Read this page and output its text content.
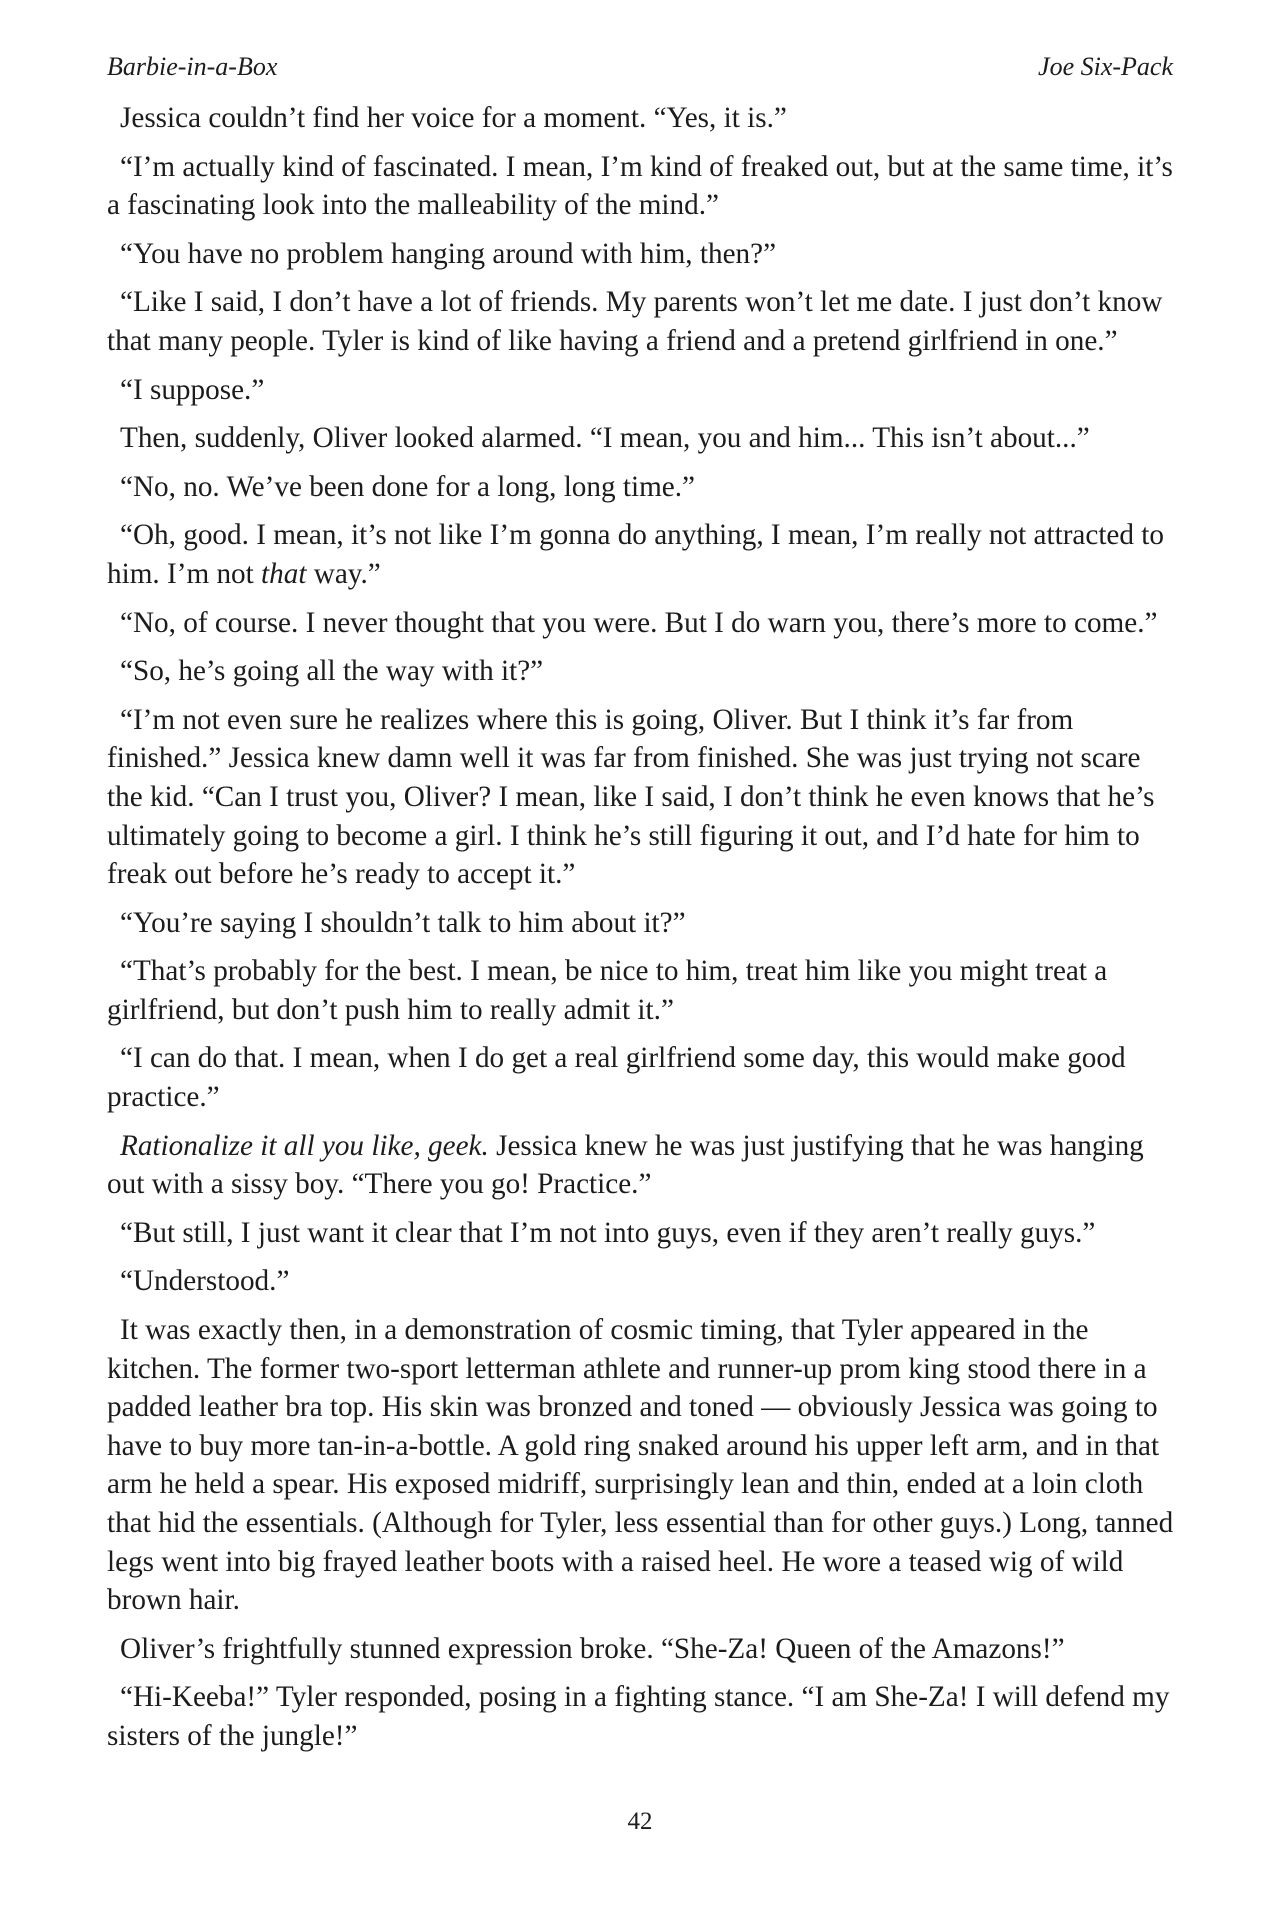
Barbie-in-a-Box	Joe Six-Pack

Jessica couldn’t find her voice for a moment. “Yes, it is.”

“I’m actually kind of fascinated. I mean, I’m kind of freaked out, but at the same time, it’s a fascinating look into the malleability of the mind.”

“You have no problem hanging around with him, then?”

“Like I said, I don’t have a lot of friends. My parents won’t let me date. I just don’t know that many people. Tyler is kind of like having a friend and a pretend girlfriend in one.”

“I suppose.”

Then, suddenly, Oliver looked alarmed. “I mean, you and him... This isn’t about...”

“No, no. We’ve been done for a long, long time.”

“Oh, good. I mean, it’s not like I’m gonna do anything, I mean, I’m really not attracted to him. I’m not that way.”

“No, of course. I never thought that you were. But I do warn you, there’s more to come.”

“So, he’s going all the way with it?”

“I’m not even sure he realizes where this is going, Oliver. But I think it’s far from finished.” Jessica knew damn well it was far from finished. She was just trying not scare the kid. “Can I trust you, Oliver? I mean, like I said, I don’t think he even knows that he’s ultimately going to become a girl. I think he’s still figuring it out, and I’d hate for him to freak out before he’s ready to accept it.”

“You’re saying I shouldn’t talk to him about it?”

“That’s probably for the best. I mean, be nice to him, treat him like you might treat a girlfriend, but don’t push him to really admit it.”

“I can do that. I mean, when I do get a real girlfriend some day, this would make good practice.”

Rationalize it all you like, geek. Jessica knew he was just justifying that he was hanging out with a sissy boy. “There you go! Practice.”

“But still, I just want it clear that I’m not into guys, even if they aren’t really guys.”

“Understood.”

It was exactly then, in a demonstration of cosmic timing, that Tyler appeared in the kitchen. The former two-sport letterman athlete and runner-up prom king stood there in a padded leather bra top. His skin was bronzed and toned — obviously Jessica was going to have to buy more tan-in-a-bottle. A gold ring snaked around his upper left arm, and in that arm he held a spear. His exposed midriff, surprisingly lean and thin, ended at a loin cloth that hid the essentials. (Although for Tyler, less essential than for other guys.) Long, tanned legs went into big frayed leather boots with a raised heel. He wore a teased wig of wild brown hair.

Oliver’s frightfully stunned expression broke. “She-Za! Queen of the Amazons!”

“Hi-Keeba!” Tyler responded, posing in a fighting stance. “I am She-Za! I will defend my sisters of the jungle!”

42
